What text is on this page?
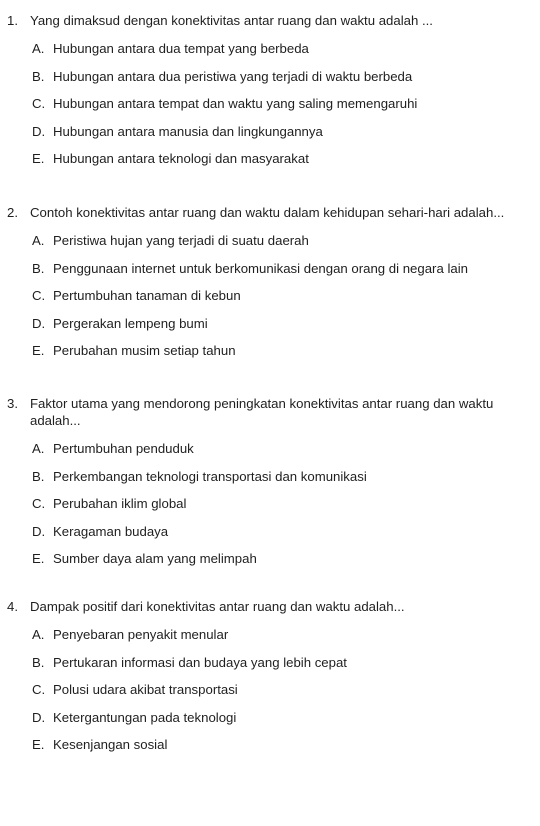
1. Yang dimaksud dengan konektivitas antar ruang dan waktu adalah ...
A. Hubungan antara dua tempat yang berbeda
B. Hubungan antara dua peristiwa yang terjadi di waktu berbeda
C. Hubungan antara tempat dan waktu yang saling memengaruhi
D. Hubungan antara manusia dan lingkungannya
E. Hubungan antara teknologi dan masyarakat
2. Contoh konektivitas antar ruang dan waktu dalam kehidupan sehari-hari adalah...
A. Peristiwa hujan yang terjadi di suatu daerah
B. Penggunaan internet untuk berkomunikasi dengan orang di negara lain
C. Pertumbuhan tanaman di kebun
D. Pergerakan lempeng bumi
E. Perubahan musim setiap tahun
3. Faktor utama yang mendorong peningkatan konektivitas antar ruang dan waktu adalah...
A. Pertumbuhan penduduk
B. Perkembangan teknologi transportasi dan komunikasi
C. Perubahan iklim global
D. Keragaman budaya
E. Sumber daya alam yang melimpah
4. Dampak positif dari konektivitas antar ruang dan waktu adalah...
A. Penyebaran penyakit menular
B. Pertukaran informasi dan budaya yang lebih cepat
C. Polusi udara akibat transportasi
D. Ketergantungan pada teknologi
E. Kesenjangan sosial
